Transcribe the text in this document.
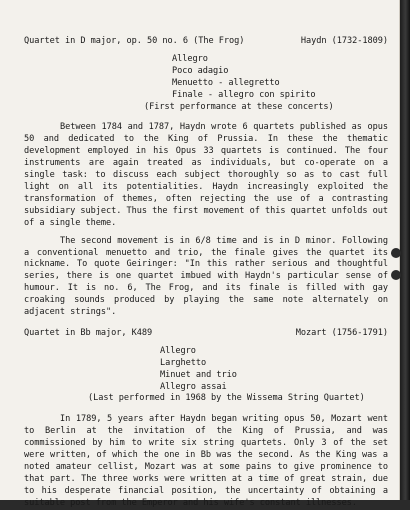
Quartet in D major, op. 50 no. 6 (The Frog)	Haydn (1732-1809)
Allegro
Poco adagio
Menuetto - allegretto
Finale - allegro con spirito
(First performance at these concerts)
Between 1784 and 1787, Haydn wrote 6 quartets published as opus 50 and dedicated to the King of Prussia. In these the thematic development employed in his Opus 33 quartets is continued. The four instruments are again treated as individuals, but co-operate on a single task: to discuss each subject thoroughly so as to cast full light on all its potentialities. Haydn increasingly exploited the transformation of themes, often rejecting the use of a contrasting subsidiary subject. Thus the first movement of this quartet unfolds out of a single theme.
The second movement is in 6/8 time and is in D minor. Following a conventional menuetto and trio, the finale gives the quartet its nickname. To quote Geiringer: "In this rather serious and thoughtful series, there is one quartet imbued with Haydn's particular sense of humour. It is no. 6, The Frog, and its finale is filled with gay croaking sounds produced by playing the same note alternately on adjacent strings".
Quartet in Bb major, K489	Mozart (1756-1791)
Allegro
Larghetto
Minuet and trio
Allegro assai
(Last performed in 1968 by the Wissema String Quartet)
In 1789, 5 years after Haydn began writing opus 50, Mozart went to Berlin at the invitation of the King of Prussia, and was commissioned by him to write six string quartets. Only 3 of the set were written, of which the one in Bb was the second. As the King was a noted amateur cellist, Mozart was at some pains to give prominence to that part. The three works were written at a time of great strain, due to his desperate financial position, the uncertainty of obtaining a suitable post from the Emperor and his wife's constant illnesses.
